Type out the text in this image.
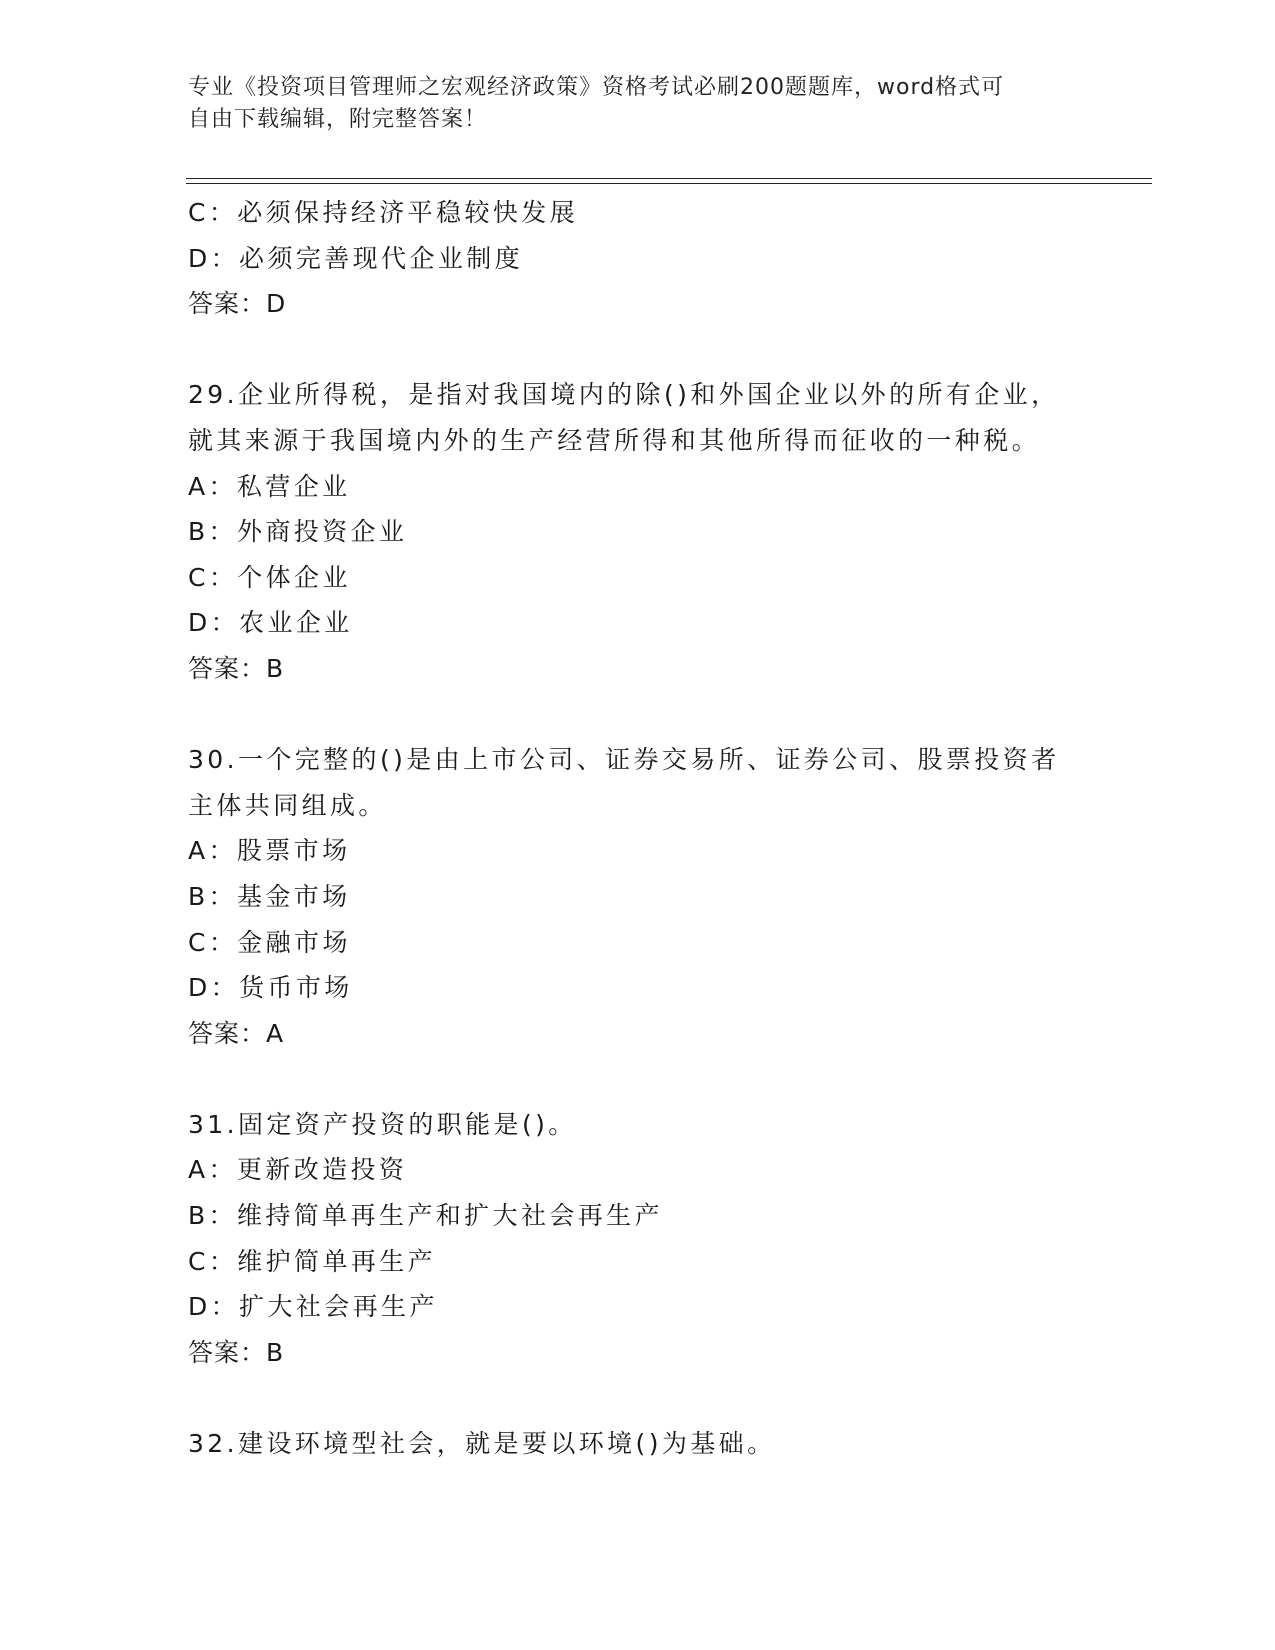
专业《投资项目管理师之宏观经济政策》资格考试必刷200题题库，word格式可
自由下载编辑，附完整答案！
C：必须保持经济平稳较快发展
D：必须完善现代企业制度
答案：D
29.企业所得税，是指对我国境内的除()和外国企业以外的所有企业，
就其来源于我国境内外的生产经营所得和其他所得而征收的一种税。
A：私营企业
B：外商投资企业
C：个体企业
D：农业企业
答案：B
30.一个完整的()是由上市公司、证券交易所、证券公司、股票投资者
主体共同组成。
A：股票市场
B：基金市场
C：金融市场
D：货币市场
答案：A
31.固定资产投资的职能是()。
A：更新改造投资
B：维持简单再生产和扩大社会再生产
C：维护简单再生产
D：扩大社会再生产
答案：B
32.建设环境型社会，就是要以环境()为基础。
